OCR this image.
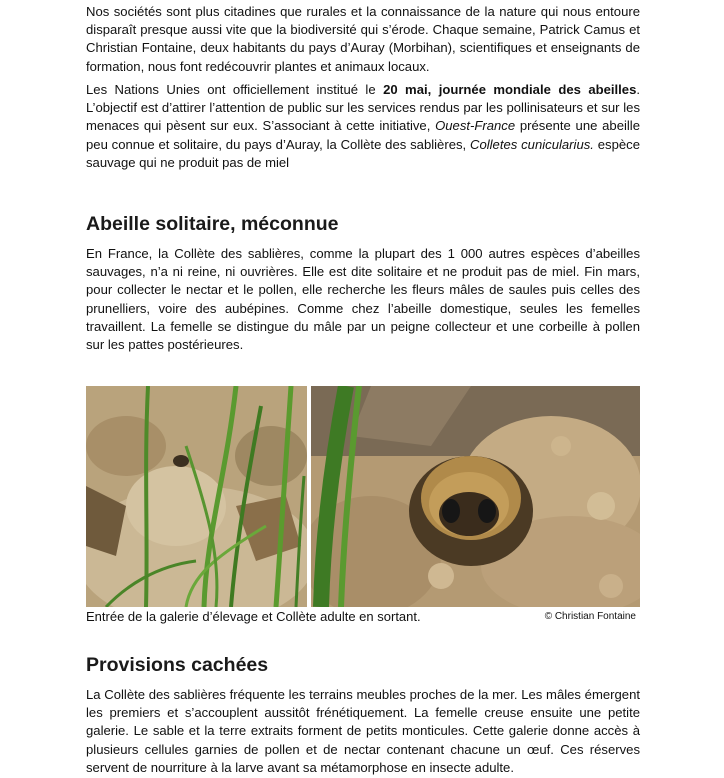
Nos sociétés sont plus citadines que rurales et la connaissance de la nature qui nous entoure disparaît presque aussi vite que la biodiversité qui s’érode. Chaque semaine, Patrick Camus et Christian Fontaine, deux habitants du pays d’Auray (Morbihan), scientifiques et enseignants de formation, nous font redécouvrir plantes et animaux locaux.

Les Nations Unies ont officiellement institué le 20 mai, journée mondiale des abeilles. L’objectif est d’attirer l’attention de public sur les services rendus par les pollinisateurs et sur les menaces qui pèsent sur eux. S’associant à cette initiative, Ouest-France présente une abeille peu connue et solitaire, du pays d’Auray, la Collète des sablières, Colletes cunicularius. espèce sauvage qui ne produit pas de miel

Abeille solitaire, méconnue

En France, la Collète des sablières, comme la plupart des 1 000 autres espèces d’abeilles sauvages, n’a ni reine, ni ouvrières. Elle est dite solitaire et ne produit pas de miel. Fin mars, pour collecter le nectar et le pollen, elle recherche les fleurs mâles de saules puis celles des prunelliers, voire des aubépines. Comme chez l’abeille domestique, seules les femelles travaillent. La femelle se distingue du mâle par un peigne collecteur et une corbeille à pollen sur les pattes postérieures.

Entrée de la galerie d’élevage et Collète adulte en sortant.	© Christian Fontaine
Provisions cachées

La Collète des sablières fréquente les terrains meubles proches de la mer. Les mâles émergent les premiers et s’accouplent aussitôt frénétiquement. La femelle creuse ensuite une petite galerie. Le sable et la terre extraits forment de petits monticules. Cette galerie donne accès à plusieurs cellules garnies de pollen et de nectar contenant chacune un œuf. Ces réserves servent de nourriture à la larve avant sa métamorphose en insecte adulte.
